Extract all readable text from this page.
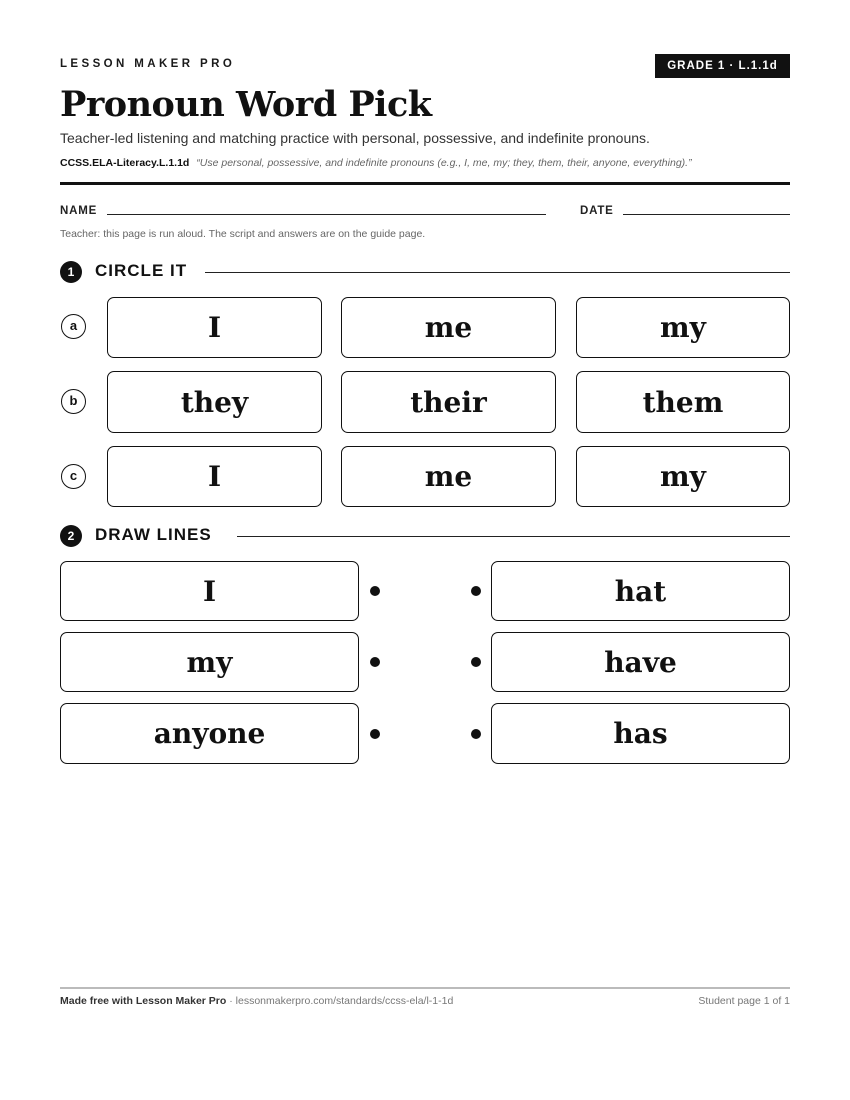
LESSON MAKER PRO	GRADE 1 · L.1.1d
Pronoun Word Pick
Teacher-led listening and matching practice with personal, possessive, and indefinite pronouns.
CCSS.ELA-Literacy.L.1.1d “Use personal, possessive, and indefinite pronouns (e.g., I, me, my; they, them, their, anyone, everything).”
NAME	DATE
Teacher: this page is run aloud. The script and answers are on the guide page.
1	CIRCLE IT
a	I	me	my
b	they	their	them
c	I	me	my
2	DRAW LINES
I	hat
my	have
anyone	has
Made free with Lesson Maker Pro · lessonmakerpro.com/standards/ccss-ela/l-1-1d	Student page 1 of 1
